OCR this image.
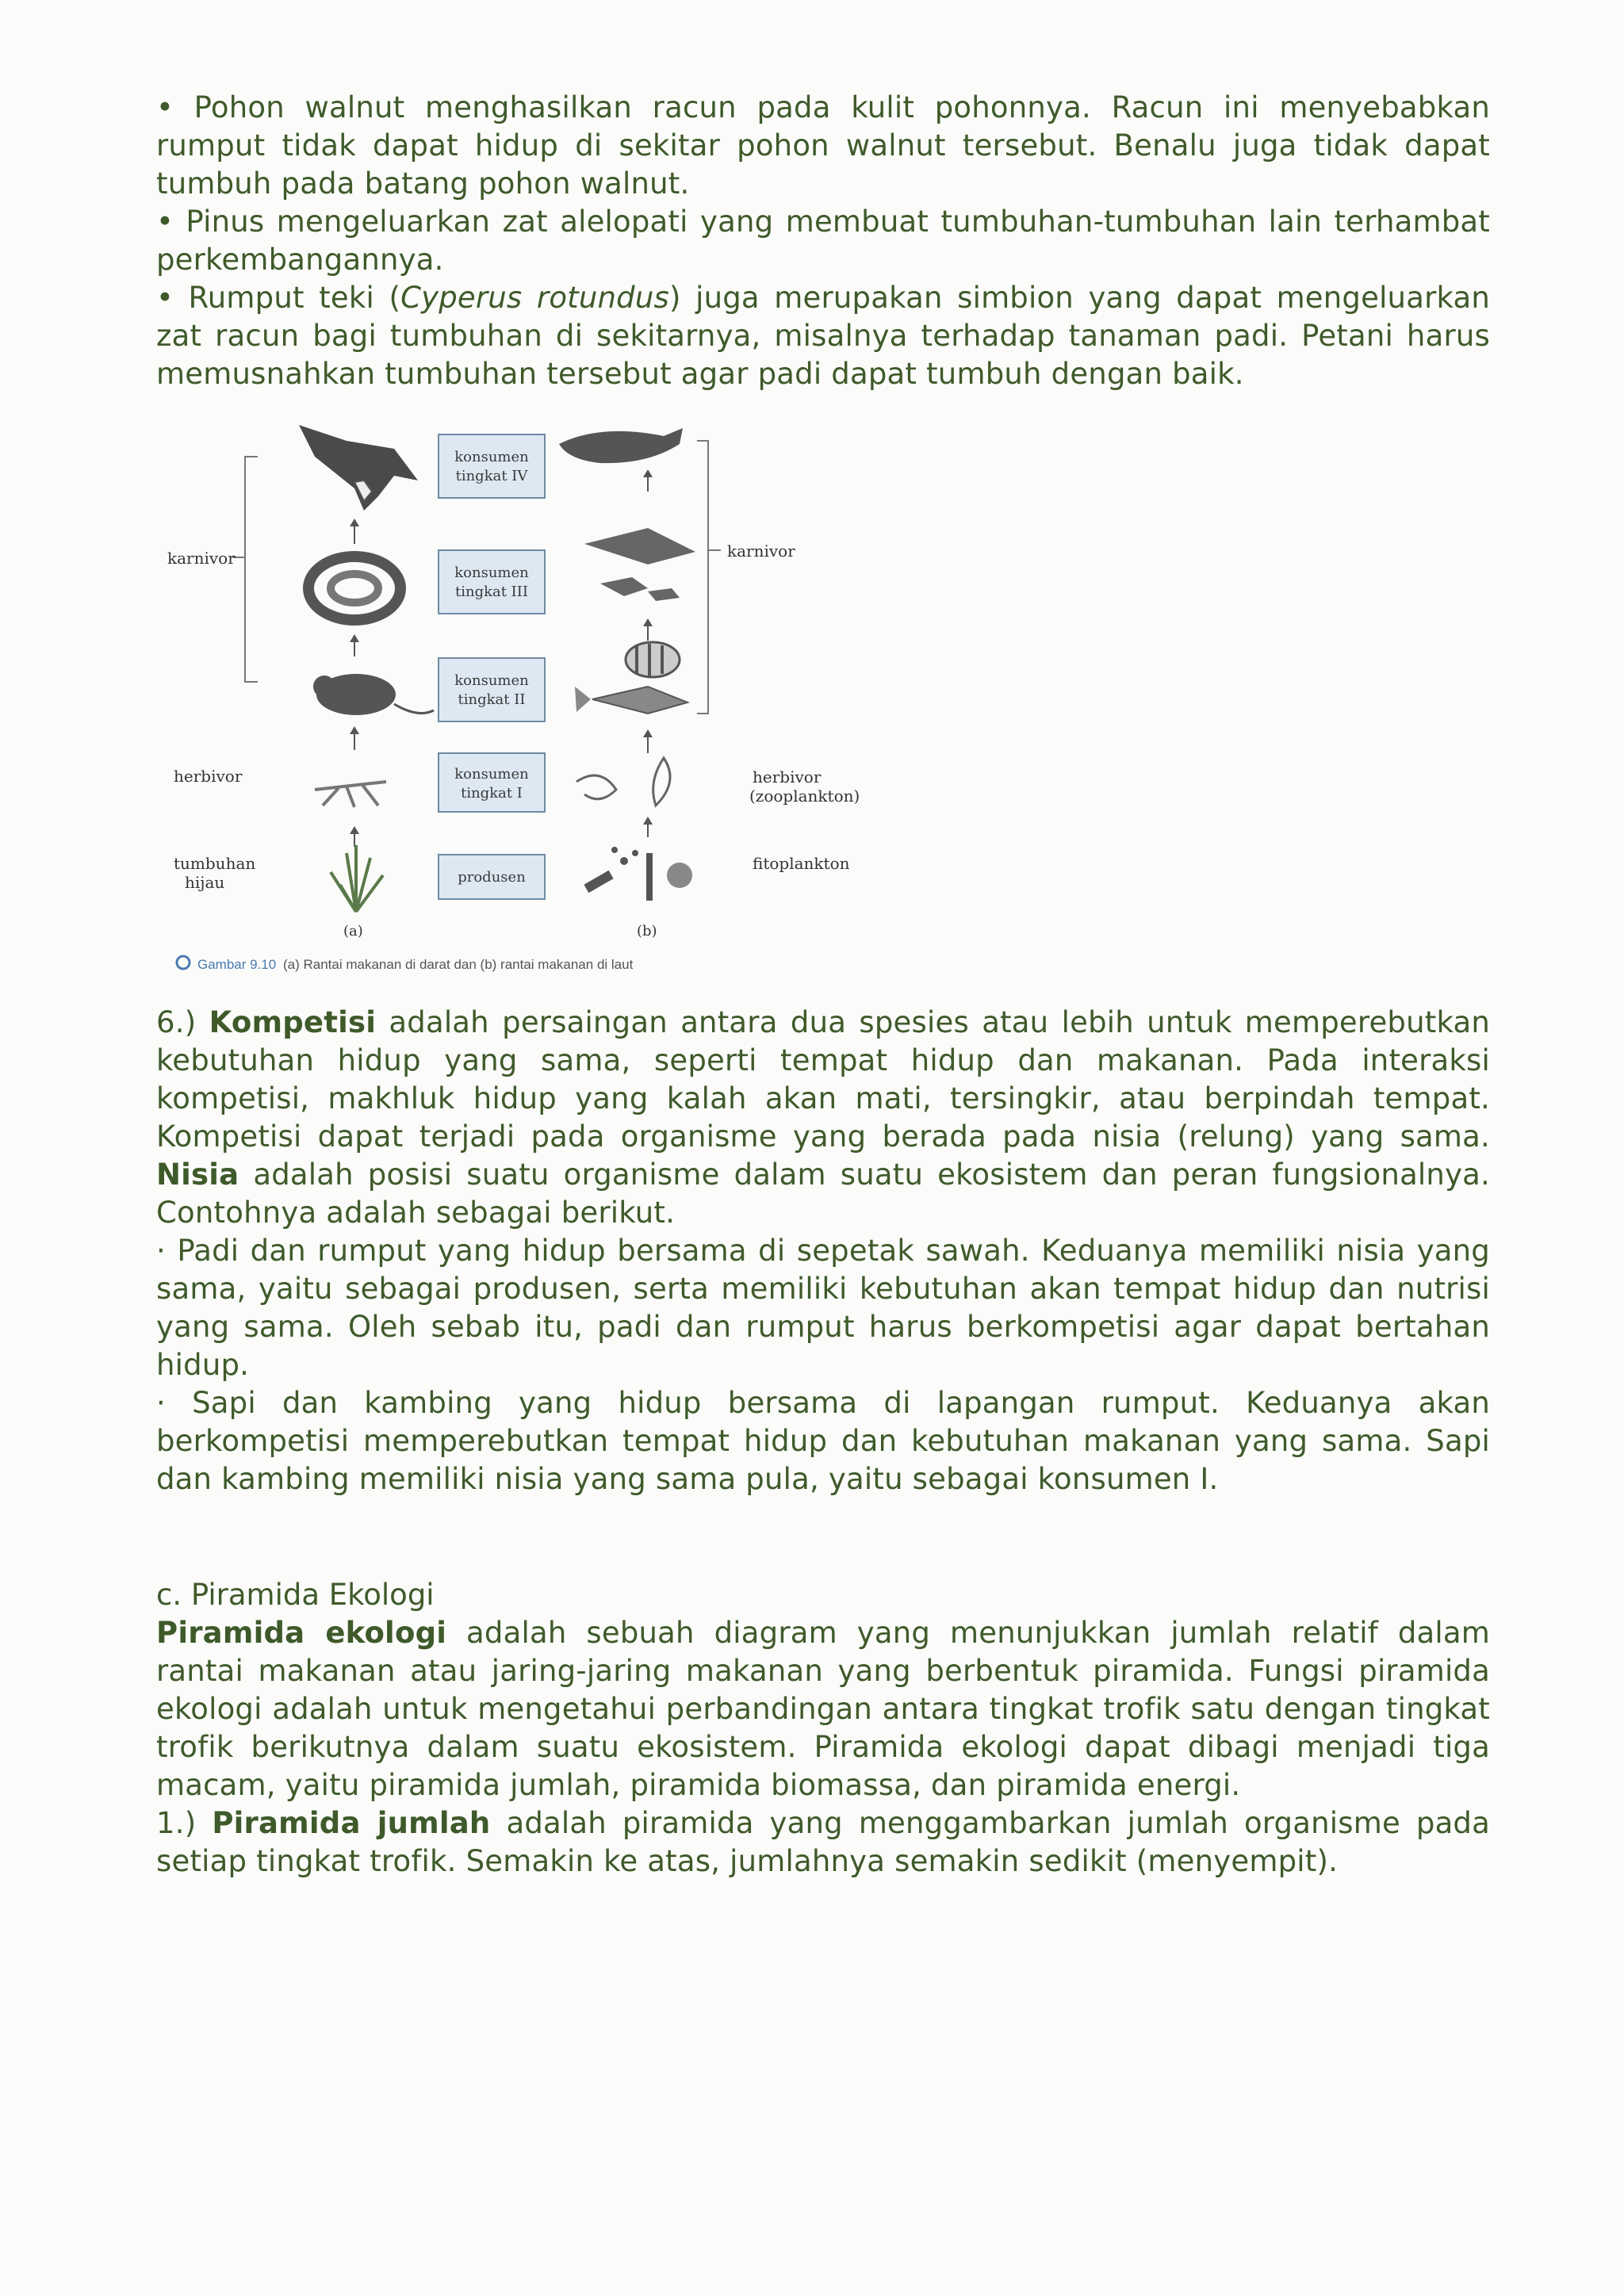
• Pohon walnut menghasilkan racun pada kulit pohonnya. Racun ini menyebabkan rumput tidak dapat hidup di sekitar pohon walnut tersebut. Benalu juga tidak dapat tumbuh pada batang pohon walnut.

• Pinus mengeluarkan zat alelopati yang membuat tumbuhan-tumbuhan lain terhambat perkembangannya.

• Rumput teki (Cyperus rotundus) juga merupakan simbion yang dapat mengeluarkan zat racun bagi tumbuhan di sekitarnya, misalnya terhadap tanaman padi. Petani harus memusnahkan tumbuhan tersebut agar padi dapat tumbuh dengan baik.

karnivor
herbivor
tumbuhan
hijau
karnivor
herbivor
(zooplankton)
fitoplankton
konsumen
tingkat IV
konsumen
tingkat III
konsumen
tingkat II
konsumen
tingkat I
produsen
(a)	(b)
Gambar 9.10 (a) Rantai makanan di darat dan (b) rantai makanan di laut

6.) Kompetisi adalah persaingan antara dua spesies atau lebih untuk memperebutkan kebutuhan hidup yang sama, seperti tempat hidup dan makanan. Pada interaksi kompetisi, makhluk hidup yang kalah akan mati, tersingkir, atau berpindah tempat. Kompetisi dapat terjadi pada organisme yang berada pada nisia (relung) yang sama. Nisia adalah posisi suatu organisme dalam suatu ekosistem dan peran fungsionalnya. Contohnya adalah sebagai berikut.

· Padi dan rumput yang hidup bersama di sepetak sawah. Keduanya memiliki nisia yang sama, yaitu sebagai produsen, serta memiliki kebutuhan akan tempat hidup dan nutrisi yang sama. Oleh sebab itu, padi dan rumput harus berkompetisi agar dapat bertahan hidup.

· Sapi dan kambing yang hidup bersama di lapangan rumput. Keduanya akan berkompetisi memperebutkan tempat hidup dan kebutuhan makanan yang sama. Sapi dan kambing memiliki nisia yang sama pula, yaitu sebagai konsumen I.

c. Piramida Ekologi

Piramida ekologi adalah sebuah diagram yang menunjukkan jumlah relatif dalam rantai makanan atau jaring-jaring makanan yang berbentuk piramida. Fungsi piramida ekologi adalah untuk mengetahui perbandingan antara tingkat trofik satu dengan tingkat trofik berikutnya dalam suatu ekosistem. Piramida ekologi dapat dibagi menjadi tiga macam, yaitu piramida jumlah, piramida biomassa, dan piramida energi.

1.) Piramida jumlah adalah piramida yang menggambarkan jumlah organisme pada setiap tingkat trofik. Semakin ke atas, jumlahnya semakin sedikit (menyempit).
